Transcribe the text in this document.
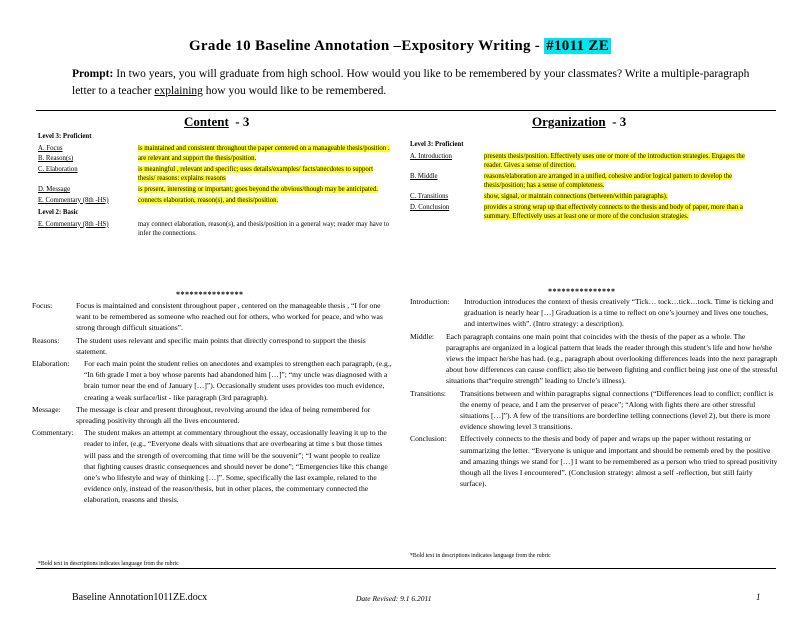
Grade 10 Baseline Annotation –Expository Writing - #1011 ZE
Prompt: In two years, you will graduate from high school. How would you like to be remembered by your classmates? Write a multiple-paragraph letter to a teacher explaining how you would like to be remembered.
Content - 3
Level 3: Proficient
A. Focus	is maintained and consistent throughout the paper centered on a manageable thesis/position .
B. Reason(s)	are relevant and support the thesis/position.
C. Elaboration	is meaningful , relevant and specific; uses details/examples/ facts/anecdotes to support thesis/ reasons: explains reasons
D. Message	is present, interesting or important; goes beyond the obvious/though may be anticipated.
E. Commentary (8th -HS)	connects elaboration, reason(s), and thesis/position.
Level 2: Basic
E. Commentary (8th -HS)	may connect elaboration, reason(s), and thesis/position in a general way; reader may have to infer the connections.
***************
Focus:	Focus is maintained and consistent throughout paper , centered on the manageable thesis , “I for one want to be remembered as someone who reached out for others, who worked for peace, and who was strong through difficult situations”.
Reasons:	The student uses relevant and specific main points that directly correspond to support the thesis statement.
Elaboration:	For each main point the student relies on anecdotes and examples to strengthen each paragraph, (e.g., “In 6th grade I met a boy whose parents had abandoned him […]”; “my uncle was diagnosed with a brain tumor near the end of January […]”). Occasionally student uses provides too much evidence, creating a weak surface/list - like paragraph (3rd paragraph).
Message:	The message is clear and present throughout, revolving around the idea of being remembered for spreading positivity through all the lives encountered.
Commentary:	The student makes an attempt at commentary throughout the essay, occasionally leaving it up to the reader to infer, (e.g., “Everyone deals with situations that are overbearing at time s but those times will pass and the strength of overcoming that time will be the souvenir”; “I want people to realize that fighting causes drastic consequences and should never be done”; “Emergencies like this change one’s who lifestyle and way of thinking […]”. Some, specifically the last example, related to the evidence only, instead of the reason/thesis, but in other places, the commentary connected the elaboration, reasons and thesis.
*Bold text in descriptions indicates language from the rubric
Organization - 3
Level 3: Proficient
A. Introduction	presents thesis/position. Effectively uses one or more of the introduction strategies. Engages the reader. Gives a sense of direction.
B. Middle	reasons/elaboration are arranged in a unified, cohesive and/or logical pattern to develop the thesis/position; has a sense of completeness.
C. Transitions	show, signal, or maintain connections (between/within paragraphs).
D. Conclusion	provides a strong wrap up that effectively connects to the thesis and body of paper, more than a summary. Effectively uses at least one or more of the conclusion strategies.
***************
Introduction:	Introduction introduces the context of thesis creatively “Tick… tock…tick…tock. Time is ticking and graduation is nearly hear […] Graduation is a time to reflect on one’s journey and lives one touches, and intertwines with”. (Intro strategy: a description).
Middle:	Each paragraph contains one main point that coincides with the thesis of the paper as a whole. The paragraphs are organized in a logical pattern that leads the reader through this student’s life and how he/she views the impact he/she has had. (e.g., paragraph about overlooking differences leads into the next paragraph about how differences can cause conflict; also tie between fighting and conflict being just one of the stressful situations that“require strength” leading to Uncle’s illness).
Transitions:	Transitions between and within paragraphs signal connections (“Differences lead to conflict; conflict is the enemy of peace, and I am the preserver of peace”; “Along with fights there are other stressful situations […]”). A few of the transitions are borderline telling connections (level 2), but there is more evidence showing level 3 transitions.
Conclusion:	Effectively connects to the thesis and body of paper and wraps up the paper without restating or summarizing the letter. “Everyone is unique and important and should be rememb ered by the positive and amazing things we stand for […] I want to be remembered as a person who tried to spread positivity though all the lives I encountered”. (Conclusion strategy: almost a self -reflection, but still fairly surface).
*Bold text in descriptions indicates language from the rubric
Baseline Annotation1011ZE.docx	Date Revised: 9.1 6.2011	1
